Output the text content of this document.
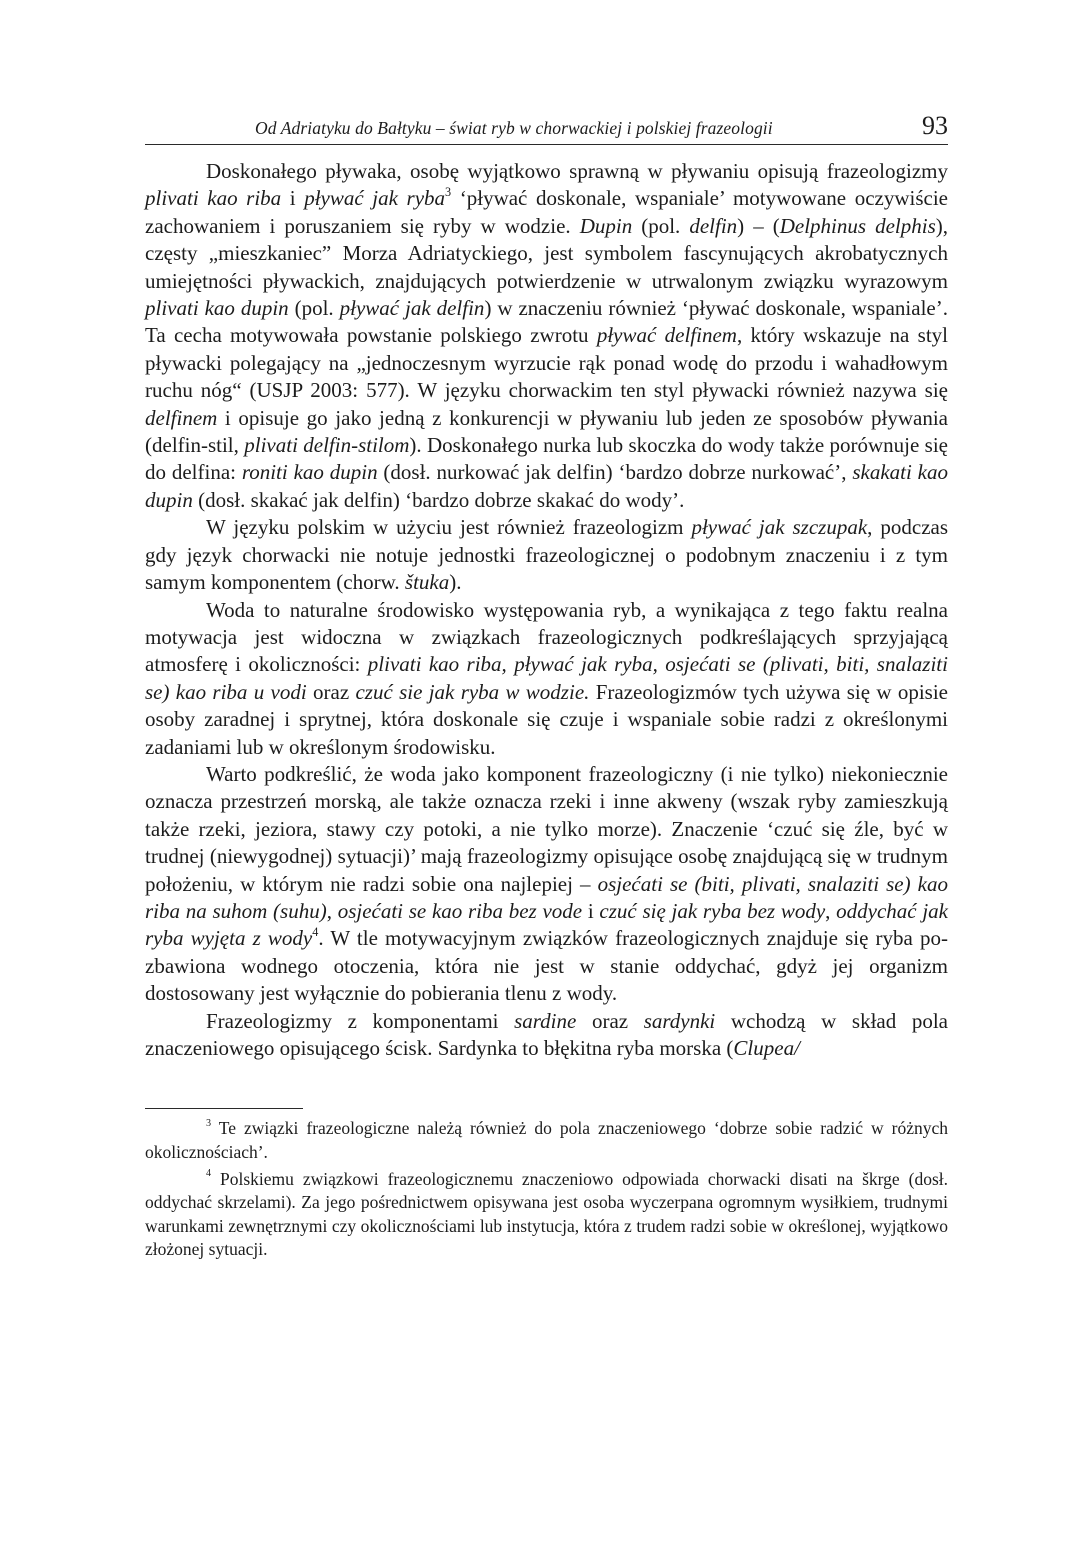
Od Adriatyku do Bałtyku – świat ryb w chorwackiej i polskiej frazeologii	93

Doskonałego pływaka, osobę wyjątkowo sprawną w pływaniu opisują frazeologizmy plivati kao riba i pływać jak ryba$^3$ ‘pływać doskonale, wspaniale’ motywowane oczywiście zachowaniem i poruszaniem się ryby w wodzie. Dupin (pol. delfin) – (Delphinus delphis), częsty „mieszkaniec” Morza Adriatyckiego, jest symbolem fascynujących akrobatycznych umiejętności pływackich, znajdujących potwierdzenie w utrwalonym związku wyrazowym plivati kao dupin (pol. pływać jak delfin) w znaczeniu również ‘pływać doskonale, wspaniale’. Ta cecha motywowała powstanie polskiego zwrotu pływać delfinem, który wskazuje na styl pływacki polegający na „jednoczesnym wyrzucie rąk ponad wodę do przodu i wahadłowym ruchu nóg“ (USJP 2003: 577). W języku chorwackim ten styl pływacki również nazywa się delfinem i opisuje go jako jedną z konkurencji w pływaniu lub jeden ze sposobów pływania (delfin-stil, plivati delfin-stilom). Doskonałego nurka lub skoczka do wody także porównuje się do delfina: roniti kao dupin (dosł. nurkować jak delfin) ‘bardzo dobrze nurkować’, skakati kao dupin (dosł. skakać jak delfin) ‘bardzo dobrze skakać do wody’.

W języku polskim w użyciu jest również frazeologizm pływać jak szczupak, podczas gdy język chorwacki nie notuje jednostki frazeologicznej o podobnym znaczeniu i z tym samym komponentem (chorw. štuka).

Woda to naturalne środowisko występowania ryb, a wynikająca z tego faktu realna motywacja jest widoczna w związkach frazeologicznych podkreślających sprzyjającą atmosferę i okoliczności: plivati kao riba, pływać jak ryba, osjećati se (plivati, biti, snalaziti se) kao riba u vodi oraz czuć sie jak ryba w wodzie. Frazeologizmów tych używa się w opisie osoby zaradnej i sprytnej, która doskonale się czuje i wspaniale sobie radzi z określonymi zadaniami lub w określonym środowisku.

Warto podkreślić, że woda jako komponent frazeologiczny (i nie tylko) niekoniecznie oznacza przestrzeń morską, ale także oznacza rzeki i inne akweny (wszak ryby zamieszkują także rzeki, jeziora, stawy czy potoki, a nie tylko morze). Znaczenie ‘czuć się źle, być w trudnej (niewygodnej) sytuacji)’ mają frazeologizmy opisujące osobę znajdującą się w trudnym położeniu, w którym nie radzi sobie ona najlepiej – osjećati se (biti, plivati, snalaziti se) kao riba na suhom (suhu), osjećati se kao riba bez vode i czuć się jak ryba bez wody, oddychać jak ryba wyjęta z wody$^4$. W tle motywacyjnym związków frazeologicznych znajduje się ryba pozbawiona wodnego otoczenia, która nie jest w stanie oddychać, gdyż jej organizm dostosowany jest wyłącznie do pobierania tlenu z wody.

Frazeologizmy z komponentami sardine oraz sardynki wchodzą w skład pola znaczeniowego opisującego ścisk. Sardynka to błękitna ryba morska (Clupea/

$^3$ Te związki frazeologiczne należą również do pola znaczeniowego ‘dobrze sobie radzić w różnych okolicznościach’.

$^4$ Polskiemu związkowi frazeologicznemu znaczeniowo odpowiada chorwacki disati na škrge (dosł. oddychać skrzelami). Za jego pośrednictwem opisywana jest osoba wyczerpana ogromnym wysiłkiem, trudnymi warunkami zewnętrznymi czy okolicznościami lub instytucja, która z trudem radzi sobie w określonej, wyjątkowo złożonej sytuacji.
